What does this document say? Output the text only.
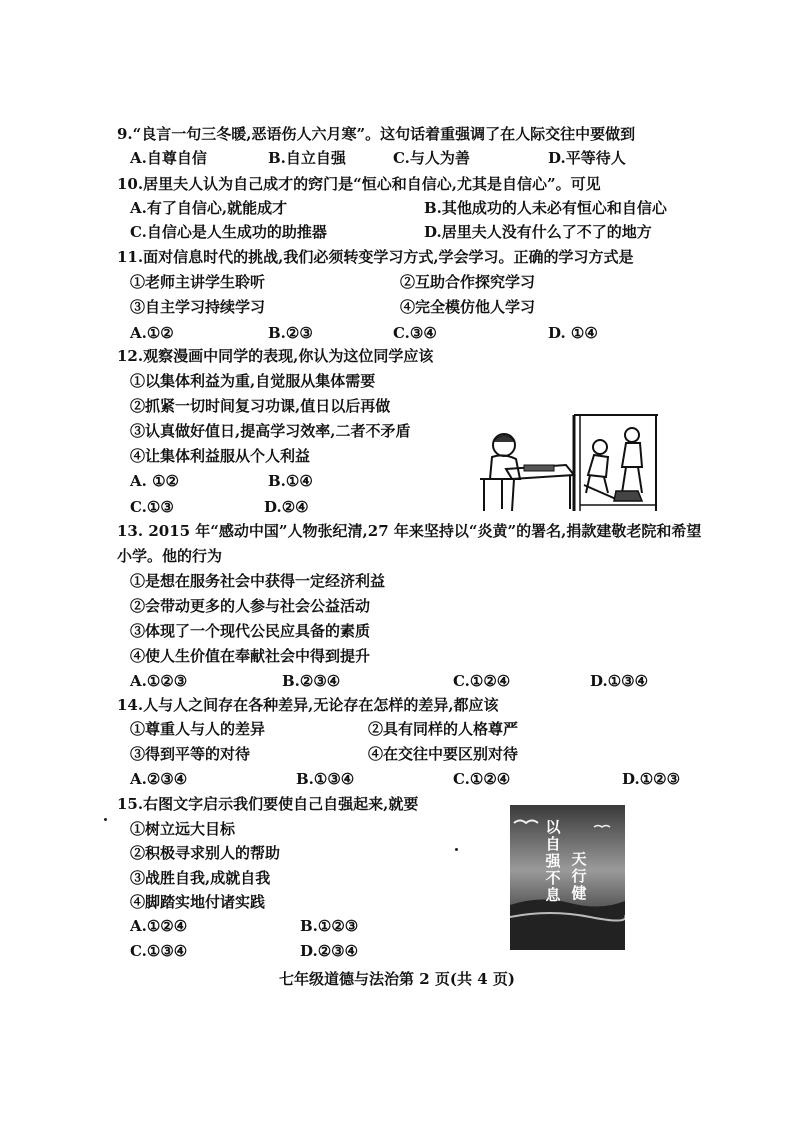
9.“良言一句三冬暖,恶语伤人六月寒”。这句话着重强调了在人际交往中要做到
A.自尊自信	B.自立自强	C.与人为善	D.平等待人
10.居里夫人认为自己成才的窍门是“恒心和自信心,尤其是自信心”。可见
A.有了自信心,就能成才	B.其他成功的人未必有恒心和自信心
C.自信心是人生成功的助推器	D.居里夫人没有什么了不了的地方
11.面对信息时代的挑战,我们必须转变学习方式,学会学习。正确的学习方式是
①老师主讲学生聆听	②互助合作探究学习
③自主学习持续学习	④完全模仿他人学习
A.①②	B.②③	C.③④	D. ①④
12.观察漫画中同学的表现,你认为这位同学应该
①以集体利益为重,自觉服从集体需要
②抓紧一切时间复习功课,值日以后再做
③认真做好值日,提高学习效率,二者不矛盾
④让集体利益服从个人利益
A. ①②	B.①④
C.①③	D.②④
13. 2015 年“感动中国”人物张纪清,27 年来坚持以“炎黄”的署名,捐款建敬老院和希望
小学。他的行为
①是想在服务社会中获得一定经济利益
②会带动更多的人参与社会公益活动
③体现了一个现代公民应具备的素质
④使人生价值在奉献社会中得到提升
A.①②③	B.②③④	C.①②④	D.①③④
14.人与人之间存在各种差异,无论存在怎样的差异,都应该
①尊重人与人的差异	②具有同样的人格尊严
③得到平等的对待	④在交往中要区别对待
A.②③④	B.①③④	C.①②④	D.①②③
15.右图文字启示我们要使自己自强起来,就要
①树立远大目标
②积极寻求别人的帮助
③战胜自我,成就自我
④脚踏实地付诸实践
A.①②④	B.①②③
C.①③④	D.②③④
以自强不息
天行健
七年级道德与法治第 2 页(共 4 页)
